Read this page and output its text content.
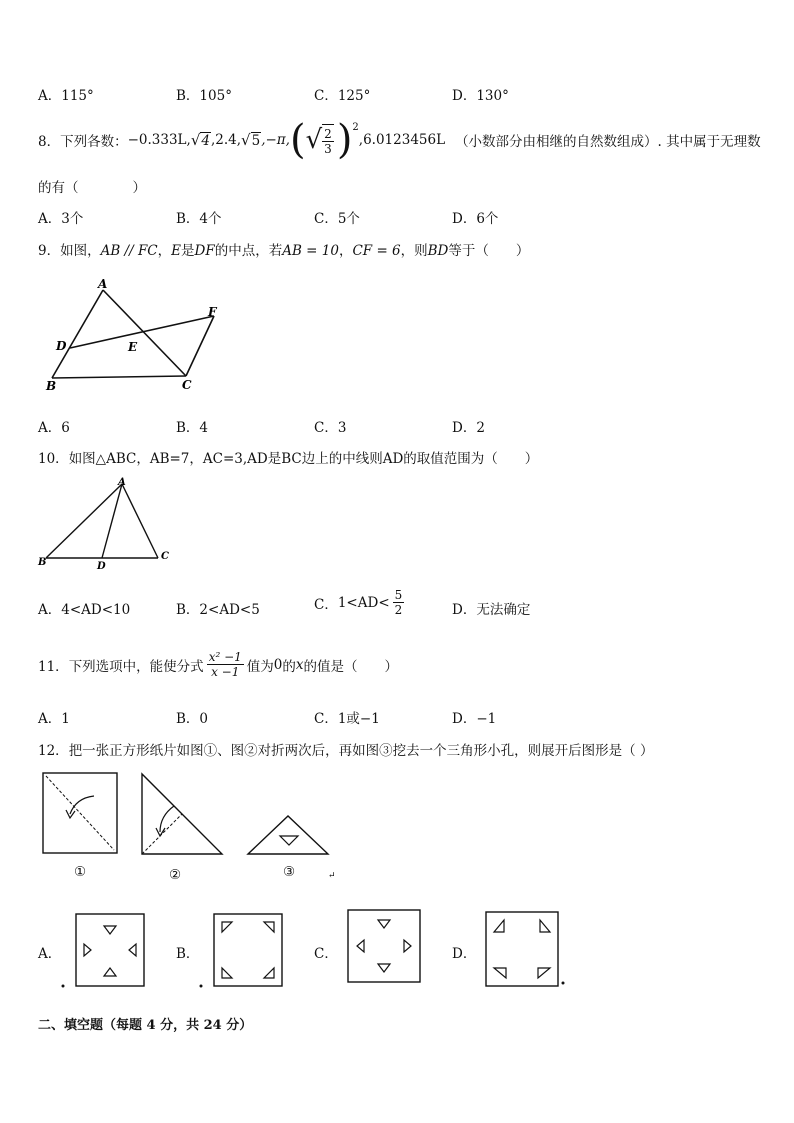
A．115°	B．105°	C．125°	D．130°
8． 下列各数： −0.333L , √ 4 ,2.4, √ 5 ,−π, ( √ $\frac{2}{3}$ ) 2
,6.0123456L （小数部分由相继的自然数组成）. 其中属于无理数
的有（　　　　）
A．3个	B．4个	C．5个	D．6个
9．如图，AB // FC，E是DF的中点，若AB = 10，CF = 6，则BD等于（　　）
A
F
D	E
B	C
A．6	B．4	C．3	D．2
10．如图△ABC，AB=7，AC=3,AD是BC边上的中线则AD的取值范围为（　　）
A
B	D
C
A．4<AD<10	B．2<AD<5	C． $1<AD< \frac{5}{2}$	D．无法确定
11． 下列选项中，能使分式 $\frac{\text{x² −1}}{x -1}$ 值为 0 的 x 的值是（　　）
A．1	B．0	C．1或−1	D．−1
12．把一张正方形纸片如图①、图②对折两次后，再如图③挖去一个三角形小孔，则展开后图形是（ ）
①	②	③	↵
A．	B．	C．	D．
二、填空题（每题 4 分，共 24 分）
